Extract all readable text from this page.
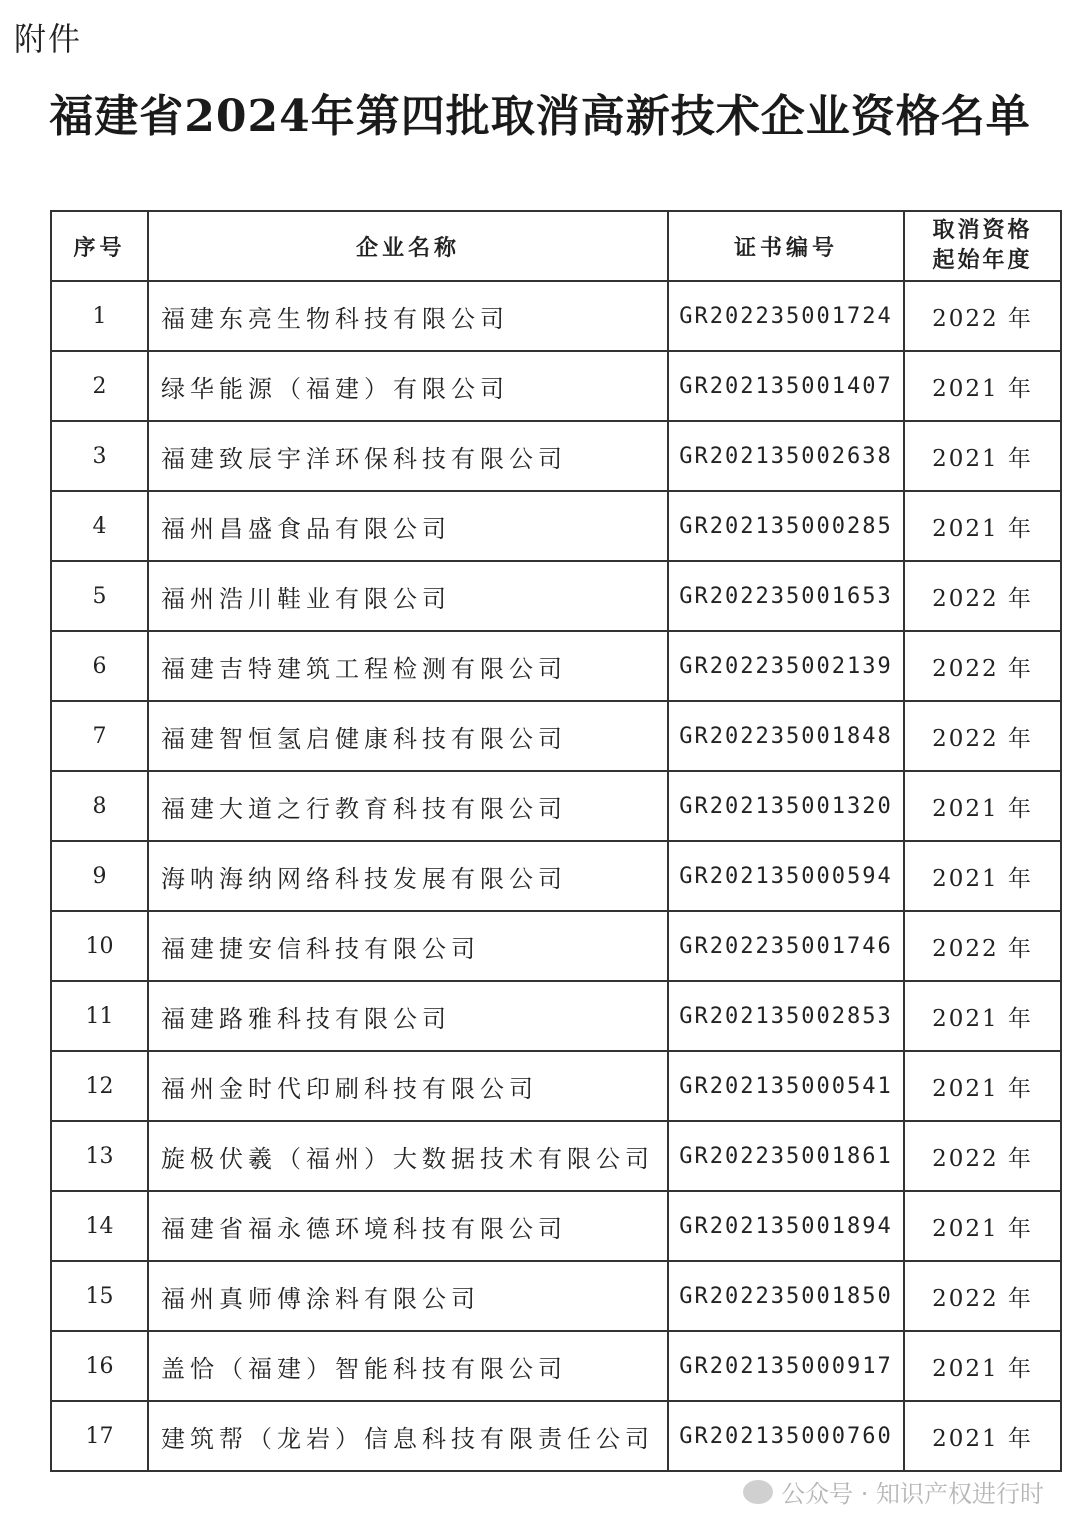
附件
福建省2024年第四批取消高新技术企业资格名单
序号	企业名称	证书编号	取消资格
起始年度

1	福建东亮生物科技有限公司	GR202235001724	2022 年
2	绿华能源（福建）有限公司	GR202135001407	2021 年
3	福建致辰宇洋环保科技有限公司	GR202135002638	2021 年
4	福州昌盛食品有限公司	GR202135000285	2021 年
5	福州浩川鞋业有限公司	GR202235001653	2022 年
6	福建吉特建筑工程检测有限公司	GR202235002139	2022 年
7	福建智恒氢启健康科技有限公司	GR202235001848	2022 年
8	福建大道之行教育科技有限公司	GR202135001320	2021 年
9	海呐海纳网络科技发展有限公司	GR202135000594	2021 年
10	福建捷安信科技有限公司	GR202235001746	2022 年
11	福建路雅科技有限公司	GR202135002853	2021 年
12	福州金时代印刷科技有限公司	GR202135000541	2021 年
13	旋极伏羲（福州）大数据技术有限公司	GR202235001861	2022 年
14	福建省福永德环境科技有限公司	GR202135001894	2021 年
15	福州真师傅涂料有限公司	GR202235001850	2022 年
16	盖恰（福建）智能科技有限公司	GR202135000917	2021 年
17	建筑帮（龙岩）信息科技有限责任公司	GR202135000760	2021 年
公众号 · 知识产权进行时
